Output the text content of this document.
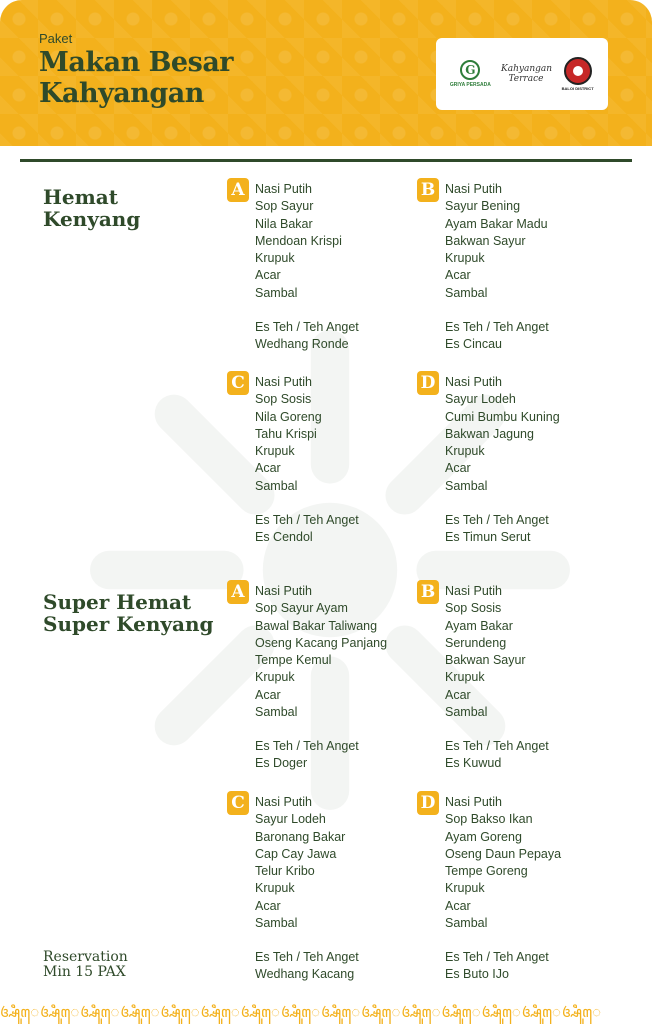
Paket
Makan Besar
Kahyangan
G
GRIYA PERSADA
Kahyangan
Terrace
BALOI DISTRICT
Hemat
Kenyang
A Nasi Putih
Sop Sayur
Nila Bakar
Mendoan Krispi
Krupuk
Acar
Sambal
Es Teh / Teh Anget
Wedhang Ronde
B Nasi Putih
Sayur Bening
Ayam Bakar Madu
Bakwan Sayur
Krupuk
Acar
Sambal
Es Teh / Teh Anget
Es Cincau
C Nasi Putih
Sop Sosis
Nila Goreng
Tahu Krispi
Krupuk
Acar
Sambal
Es Teh / Teh Anget
Es Cendol
D Nasi Putih
Sayur Lodeh
Cumi Bumbu Kuning
Bakwan Jagung
Krupuk
Acar
Sambal
Es Teh / Teh Anget
Es Timun Serut
Super Hemat
Super Kenyang
A Nasi Putih
Sop Sayur Ayam
Bawal Bakar Taliwang
Oseng Kacang Panjang
Tempe Kemul
Krupuk
Acar
Sambal
Es Teh / Teh Anget
Es Doger
B Nasi Putih
Sop Sosis
Ayam Bakar
Serundeng
Bakwan Sayur
Krupuk
Acar
Sambal
Es Teh / Teh Anget
Es Kuwud
C Nasi Putih
Sayur Lodeh
Baronang Bakar
Cap Cay Jawa
Telur Kribo
Krupuk
Acar
Sambal
Es Teh / Teh Anget
Wedhang Kacang
D Nasi Putih
Sop Bakso Ikan
Ayam Goreng
Oseng Daun Pepaya
Tempe Goreng
Krupuk
Acar
Sambal
Es Teh / Teh Anget
Es Buto IJo
Reservation
Min 15 PAX
ꦄꦶꦸꦺꦄꦶꦸꦺꦄꦶꦸꦺꦄꦶꦸꦺꦄꦶꦸꦺꦄꦶꦸꦺꦄꦶꦸꦺꦄꦶꦸꦺꦄꦶꦸꦺꦄꦶꦸꦺꦄꦶꦸꦺꦄꦶꦸꦺꦄꦶꦸꦺꦄꦶꦸꦺꦄꦶꦸꦺ
